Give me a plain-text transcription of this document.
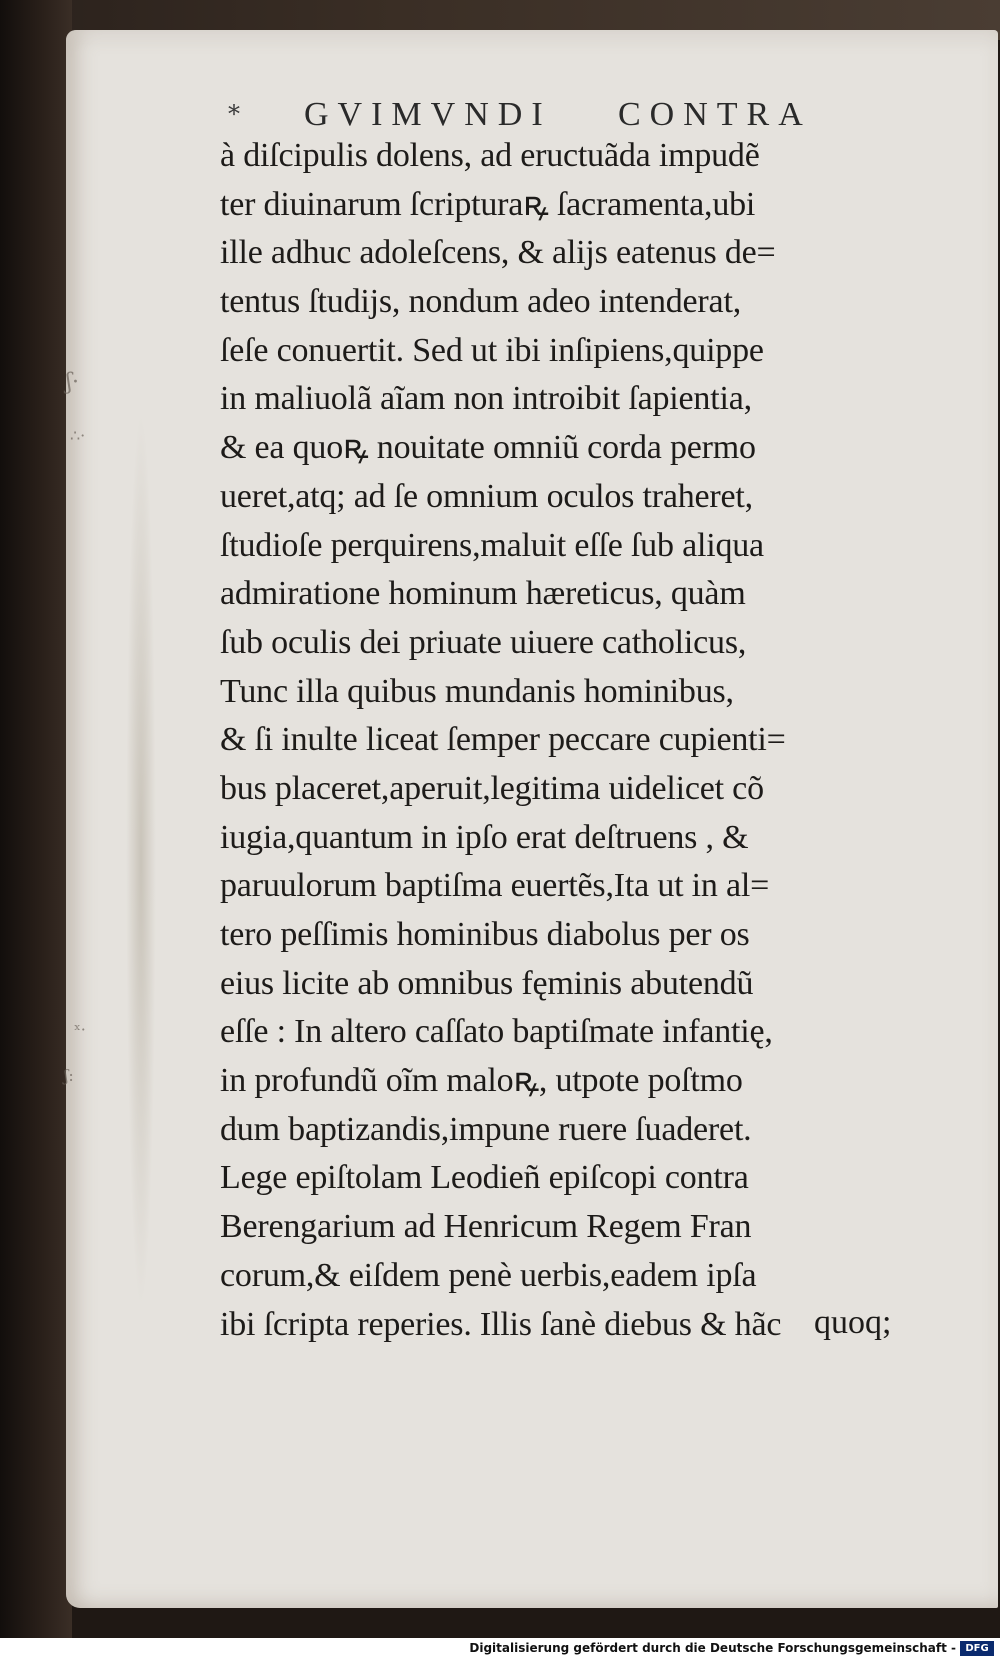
ʃ·
∴·
ˣ·
ʃ:
* GVIMVNDI CONTRA
à diſcipulis dolens, ad eructuãda impudẽ
ter diuinarum ſcripturaꝶ ſacramenta,ubi
ille adhuc adoleſcens, & alijs eatenus de=
tentus ſtudijs, nondum adeo intenderat,
ſeſe conuertit. Sed ut ibi inſipiens,quippe
in maliuolã aĩam non introibit ſapientia,
& ea quoꝶ nouitate omniũ corda permo
ueret,atq; ad ſe omnium oculos traheret,
ſtudioſe perquirens,maluit eſſe ſub aliqua
admiratione hominum hæreticus, quàm
ſub oculis dei priuate uiuere catholicus,
Tunc illa quibus mundanis hominibus,
& ſi inulte liceat ſemper peccare cupienti=
bus placeret,aperuit,legitima uidelicet cõ
iugia,quantum in ipſo erat deſtruens , &
paruulorum baptiſma euertẽs,Ita ut in al=
tero peſſimis hominibus diabolus per os
eius licite ab omnibus fęminis abutendũ
eſſe : In altero caſſato baptiſmate infantię,
in profundũ oĩm maloꝶ, utpote poſtmo
dum baptizandis,impune ruere ſuaderet.
Lege epiſtolam Leodieñ epiſcopi contra
Berengarium ad Henricum Regem Fran
corum,& eiſdem penè uerbis,eadem ipſa
ibi ſcripta reperies. Illis ſanè diebus & hãc quoq;
Digitalisierung gefördert durch die Deutsche Forschungsgemeinschaft - DFG
